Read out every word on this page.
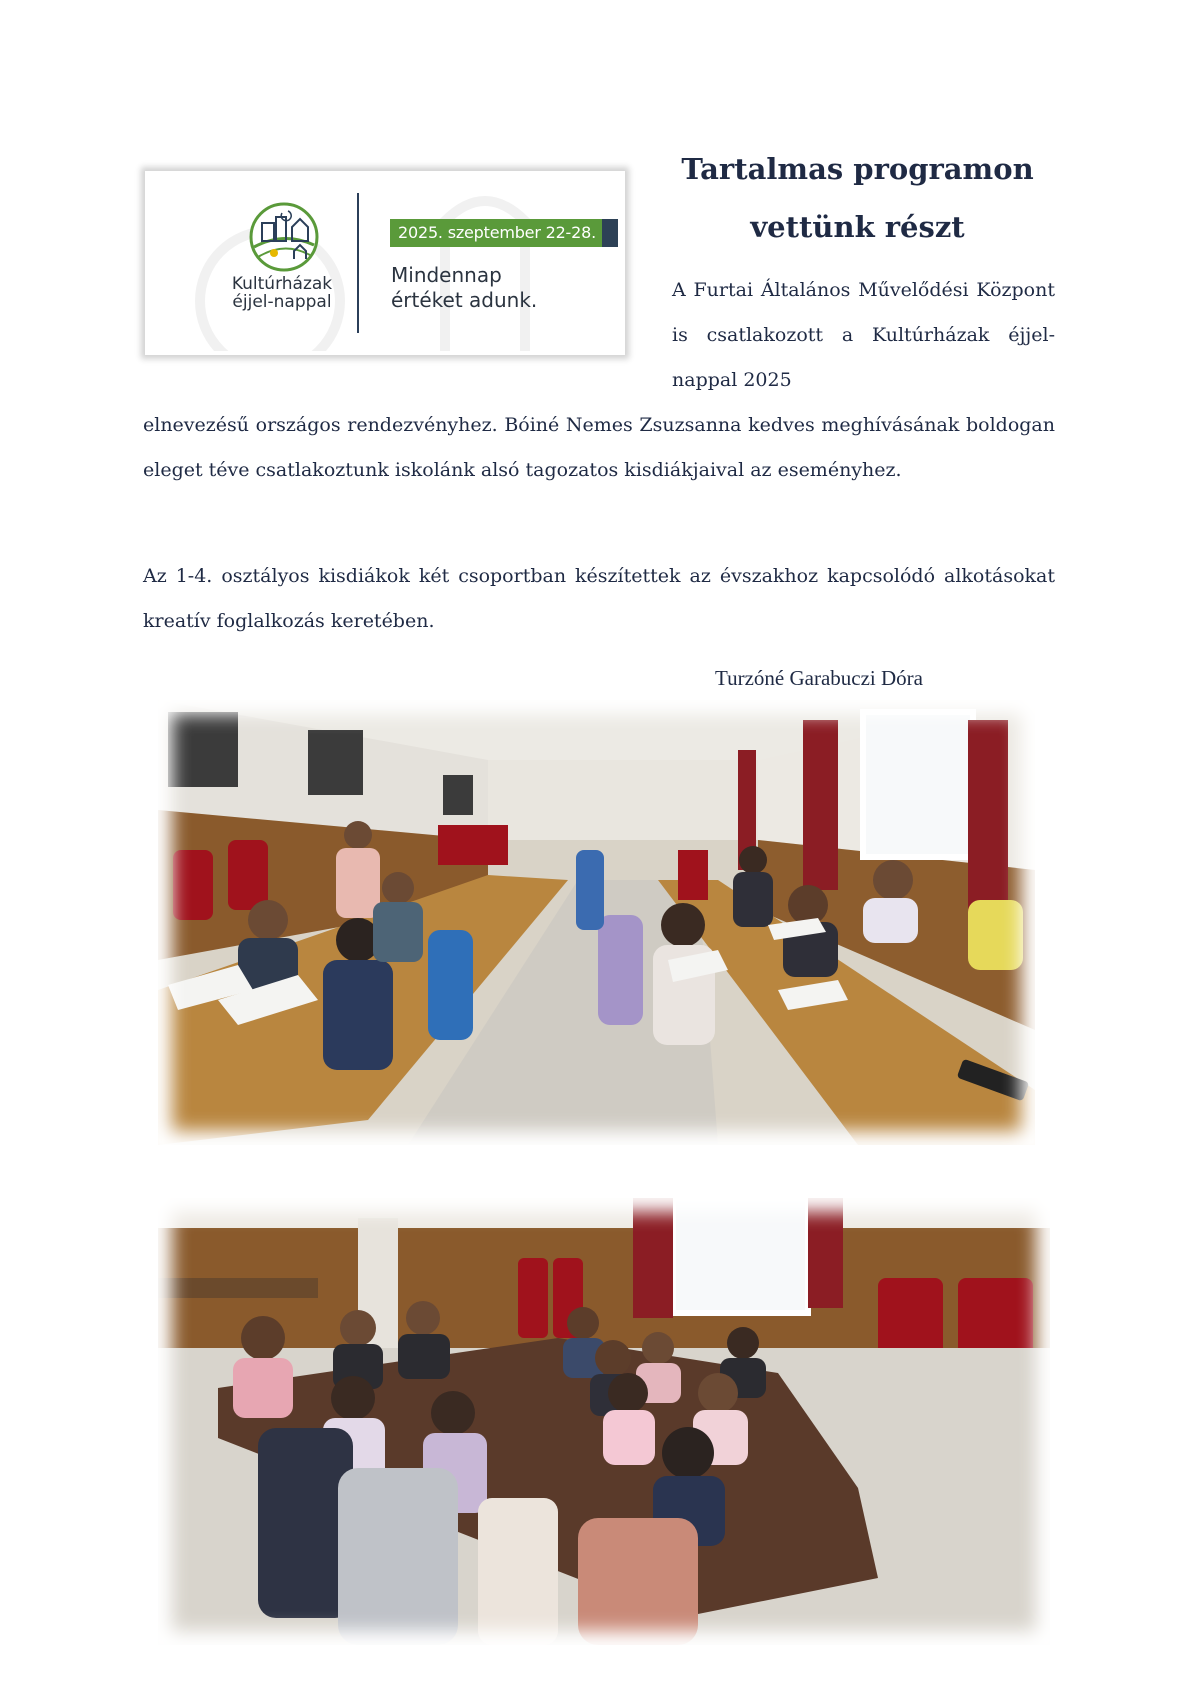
Kultúrházak
éjjel-nappal
2025. szeptember 22-28.
Mindennap
értéket adunk.
Tartalmas programon
vettünk részt

A Furtai Általános Művelődési Központ is csatlakozott a Kultúrházak éjjel-nappal 2025

elnevezésű országos rendezvényhez. Bóiné Nemes Zsuzsanna kedves meghívásának boldogan eleget téve csatlakoztunk iskolánk alsó tagozatos kisdiákjaival az eseményhez.

Az 1-4. osztályos kisdiákok két csoportban készítettek az évszakhoz kapcsolódó alkotásokat kreatív foglalkozás keretében.

Turzóné Garabuczi Dóra
